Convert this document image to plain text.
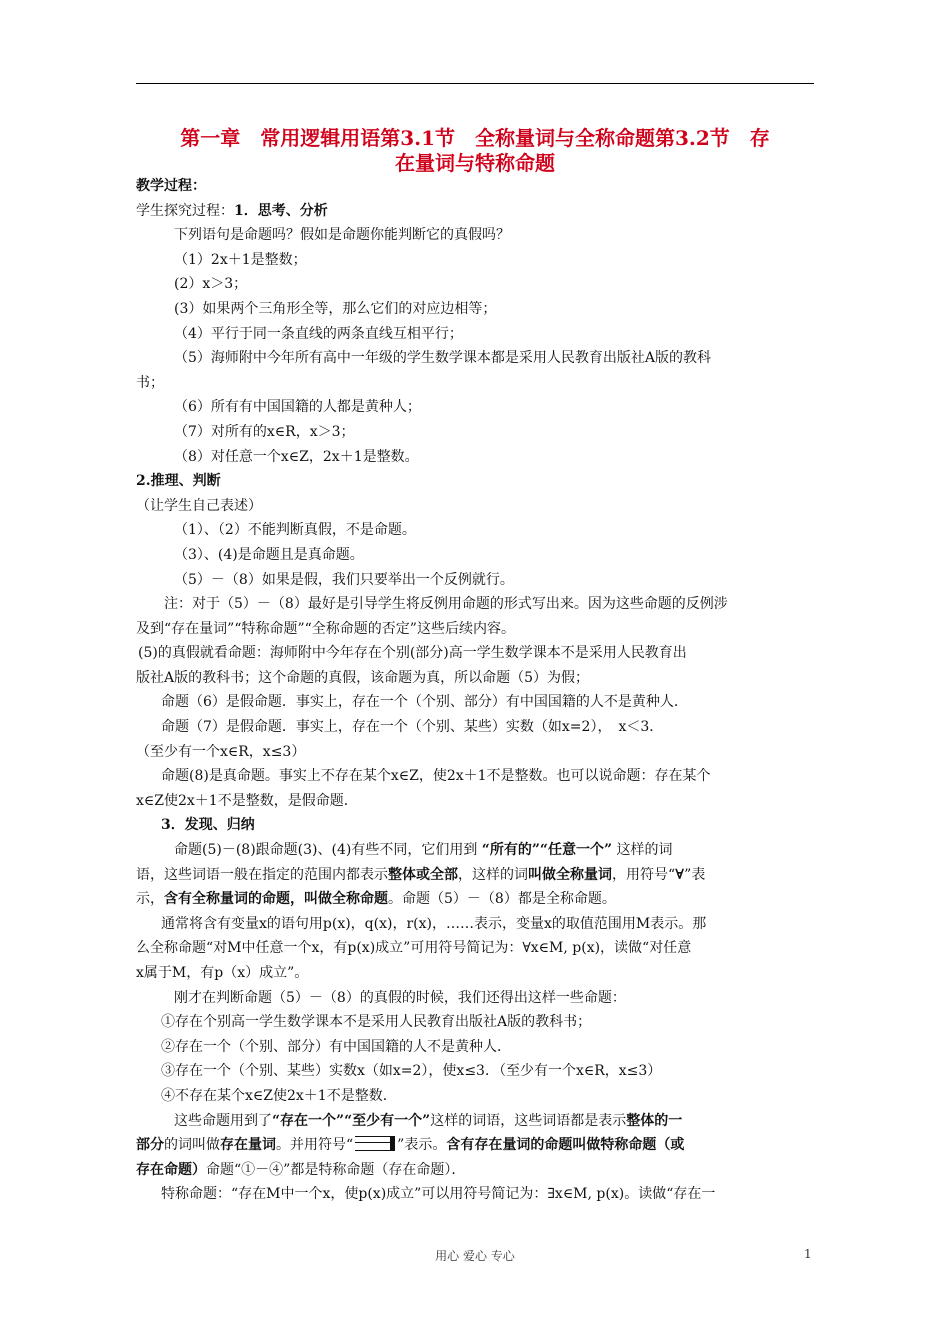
第一章　常用逻辑用语第3.1节　全称量词与全称命题第3.2节　存
在量词与特称命题
教学过程：
学生探究过程：1．思考、分析
下列语句是命题吗？假如是命题你能判断它的真假吗？
（1）2x＋1是整数；
(2）x＞3；
(3）如果两个三角形全等，那么它们的对应边相等；
（4）平行于同一条直线的两条直线互相平行；
（5）海师附中今年所有高中一年级的学生数学课本都是采用人民教育出版社A版的教科
书；
（6）所有有中国国籍的人都是黄种人；
（7）对所有的x∈R，x＞3；
（8）对任意一个x∈Z，2x＋1是整数。
2.推理、判断
（让学生自己表述）
（1）、（2）不能判断真假，不是命题。
（3）、(4)是命题且是真命题。
（5）－（8）如果是假，我们只要举出一个反例就行。
注：对于（5）－（8）最好是引导学生将反例用命题的形式写出来。因为这些命题的反例涉
及到“存在量词”“特称命题”“全称命题的否定”这些后续内容。
(5)的真假就看命题：海师附中今年存在个别(部分)高一学生数学课本不是采用人民教育出
版社A版的教科书；这个命题的真假，该命题为真，所以命题（5）为假；
命题（6）是假命题．事实上，存在一个（个别、部分）有中国国籍的人不是黄种人．
命题（7）是假命题．事实上，存在一个（个别、某些）实数（如x=2），　x＜3．
（至少有一个x∈R，x≤3）
命题(8)是真命题。事实上不存在某个x∈Z，使2x＋1不是整数。也可以说命题：存在某个
x∈Z使2x＋1不是整数，是假命题．
3．发现、归纳
命题(5)－(8)跟命题(3)、(4)有些不同，它们用到 “所有的”“任意一个” 这样的词
语，这些词语一般在指定的范围内都表示整体或全部，这样的词叫做全称量词，用符号“∀”表
示，含有全称量词的命题，叫做全称命题。命题（5）－（8）都是全称命题。
通常将含有变量x的语句用p(x)，q(x)，r(x)，……表示，变量x的取值范围用M表示。那
么全称命题“对M中任意一个x，有p(x)成立”可用符号简记为：∀x∈M, p(x)，读做“对任意
x属于M，有p（x）成立”。
刚才在判断命题（5）－（8）的真假的时候，我们还得出这样一些命题：
①存在个别高一学生数学课本不是采用人民教育出版社A版的教科书；
②存在一个（个别、部分）有中国国籍的人不是黄种人．
③存在一个（个别、某些）实数x（如x=2），使x≤3．（至少有一个x∈R，x≤3）
④不存在某个x∈Z使2x＋1不是整数．
这些命题用到了“存在一个”“至少有一个”这样的词语，这些词语都是表示整体的一
部分的词叫做存在量词。并用符号“	”表示。含有存在量词的命题叫做特称命题（或
存在命题）命题“①－④”都是特称命题（存在命题）．
特称命题：“存在M中一个x，使p(x)成立”可以用符号简记为：∃x∈M, p(x)。读做“存在一
用心 爱心 专心	1
